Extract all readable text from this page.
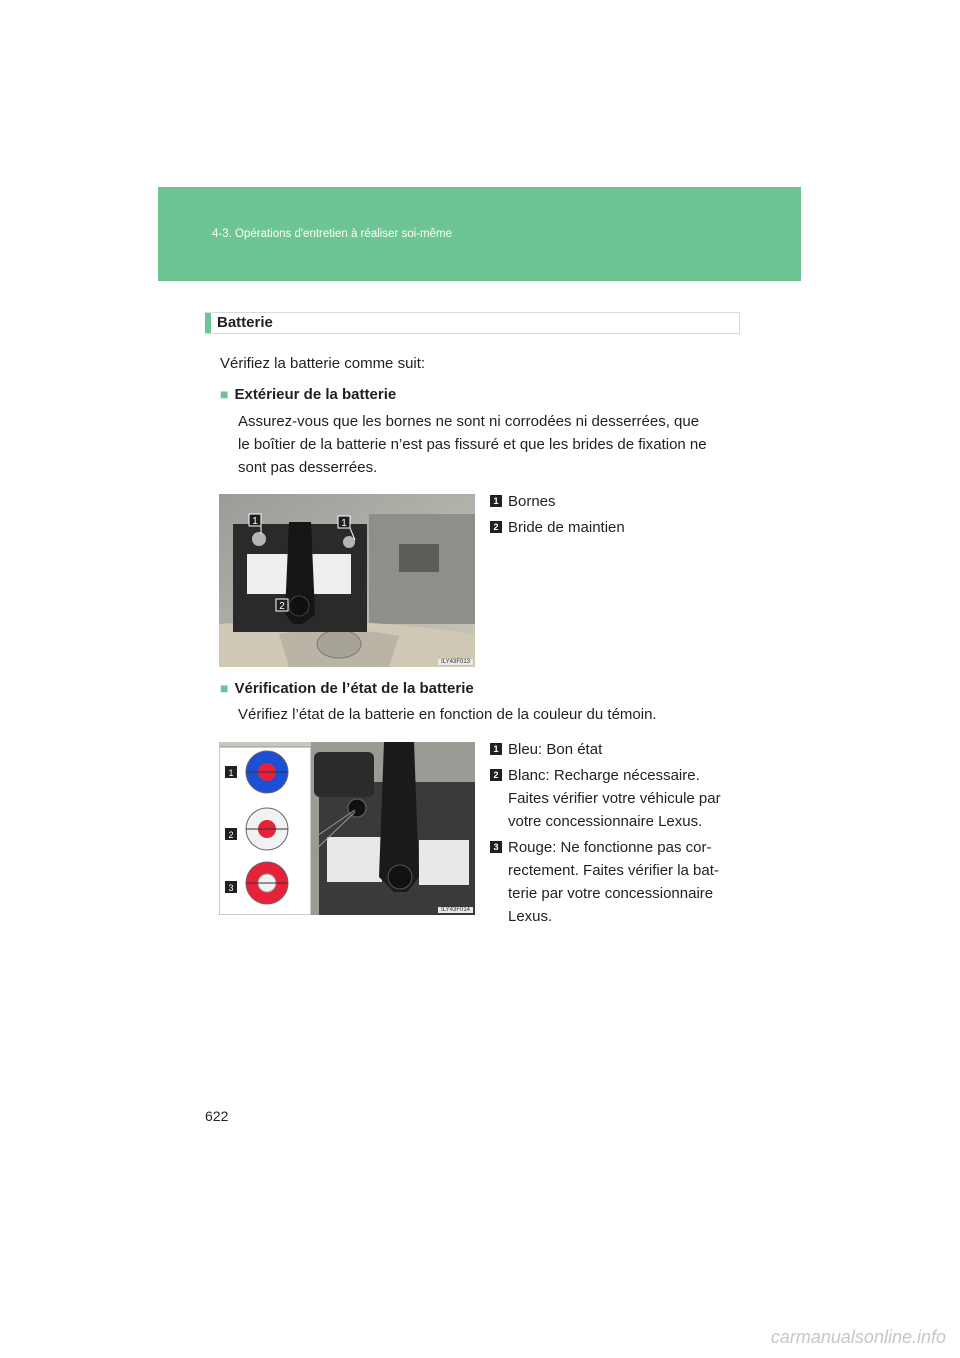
4-3. Opérations d'entretien à réaliser soi-même
Batterie
Vérifiez la batterie comme suit:
■ Extérieur de la batterie
Assurez-vous que les bornes ne sont ni corrodées ni desserrées, que
le boîtier de la batterie n’est pas fissuré et que les brides de fixation ne
sont pas desserrées.
1	1
2
ILY43F013
1 Bornes
2 Bride de maintien
■ Vérification de l’état de la batterie
Vérifiez l’état de la batterie en fonction de la couleur du témoin.
1
2
3
ILY43F014
1 Bleu: Bon état
2 Blanc: Recharge nécessaire.
Faites vérifier votre véhicule par
votre concessionnaire Lexus.
3 Rouge: Ne fonctionne pas cor-
rectement. Faites vérifier la bat-
terie par votre concessionnaire
Lexus.
622
carmanualsonline.info
